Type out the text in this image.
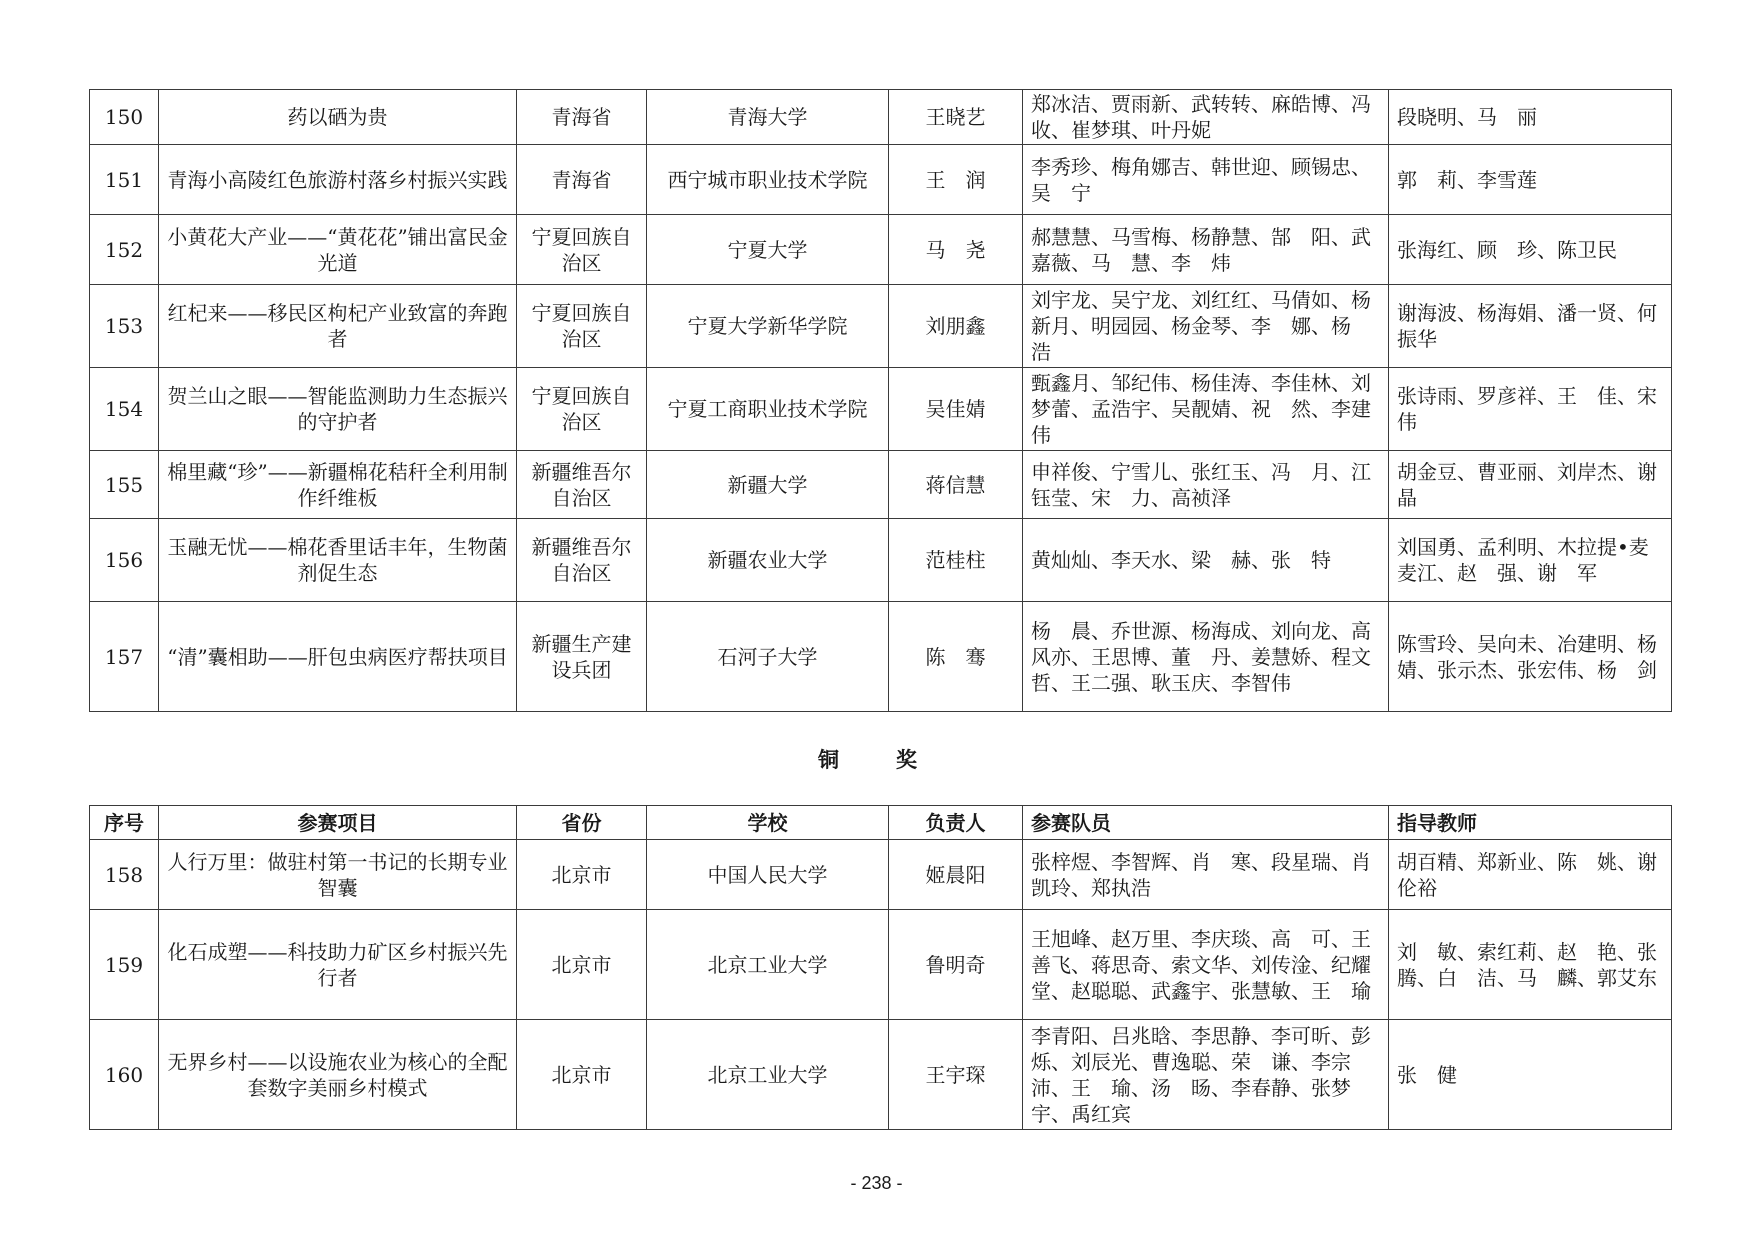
150	药以硒为贵	青海省	青海大学	王晓艺	郑冰洁、贾雨新、武转转、麻皓博、冯　收、崔梦琪、叶丹妮	段晓明、马　丽
151	青海小高陵红色旅游村落乡村振兴实践	青海省	西宁城市职业技术学院	王　润	李秀珍、梅角娜吉、韩世迎、顾锡忠、吴　宁	郭　莉、李雪莲
152	小黄花大产业——“黄花花”铺出富民金光道	宁夏回族自治区	宁夏大学	马　尧	郝慧慧、马雪梅、杨静慧、郜　阳、武嘉薇、马　慧、李　炜	张海红、顾　珍、陈卫民
153	红杞来——移民区枸杞产业致富的奔跑者	宁夏回族自治区	宁夏大学新华学院	刘朋鑫	刘宇龙、吴宁龙、刘红红、马倩如、杨新月、明园园、杨金琴、李　娜、杨　浩	谢海波、杨海娟、潘一贤、何振华
154	贺兰山之眼——智能监测助力生态振兴的守护者	宁夏回族自治区	宁夏工商职业技术学院	吴佳婧	甄鑫月、邹纪伟、杨佳涛、李佳林、刘梦蕾、孟浩宇、吴靓婧、祝　然、李建伟	张诗雨、罗彦祥、王　佳、宋　伟
155	棉里藏“珍”——新疆棉花秸秆全利用制作纤维板	新疆维吾尔自治区	新疆大学	蒋信慧	申祥俊、宁雪儿、张红玉、冯　月、江钰莹、宋　力、高祯泽	胡金豆、曹亚丽、刘岸杰、谢　晶
156	玉融无忧——棉花香里话丰年，生物菌剂促生态	新疆维吾尔自治区	新疆农业大学	范桂柱	黄灿灿、李天水、梁　赫、张　特	刘国勇、孟利明、木拉提•麦麦江、赵　强、谢　军
157	“清”囊相助——肝包虫病医疗帮扶项目	新疆生产建设兵团	石河子大学	陈　骞	杨　晨、乔世源、杨海成、刘向龙、高风亦、王思博、董　丹、姜慧娇、程文哲、王二强、耿玉庆、李智伟	陈雪玲、吴向未、冶建明、杨　婧、张示杰、张宏伟、杨　剑
铜　奖
序号	参赛项目	省份	学校	负责人	参赛队员	指导教师
158	人行万里：做驻村第一书记的长期专业智囊	北京市	中国人民大学	姬晨阳	张梓煜、李智辉、肖　寒、段星瑞、肖凯玲、郑执浩	胡百精、郑新业、陈　姚、谢伦裕
159	化石成塑——科技助力矿区乡村振兴先行者	北京市	北京工业大学	鲁明奇	王旭峰、赵万里、李庆琰、高　可、王善飞、蒋思奇、索文华、刘传淦、纪耀堂、赵聪聪、武鑫宇、张慧敏、王　瑜	刘　敏、索红莉、赵　艳、张　腾、白　洁、马　麟、郭艾东
160	无界乡村——以设施农业为核心的全配套数字美丽乡村模式	北京市	北京工业大学	王宇琛	李青阳、吕兆晗、李思静、李可昕、彭　烁、刘辰光、曹逸聪、荣　谦、李宗沛、王　瑜、汤　旸、李春静、张梦宇、禹红宾	张　健
- 238 -
